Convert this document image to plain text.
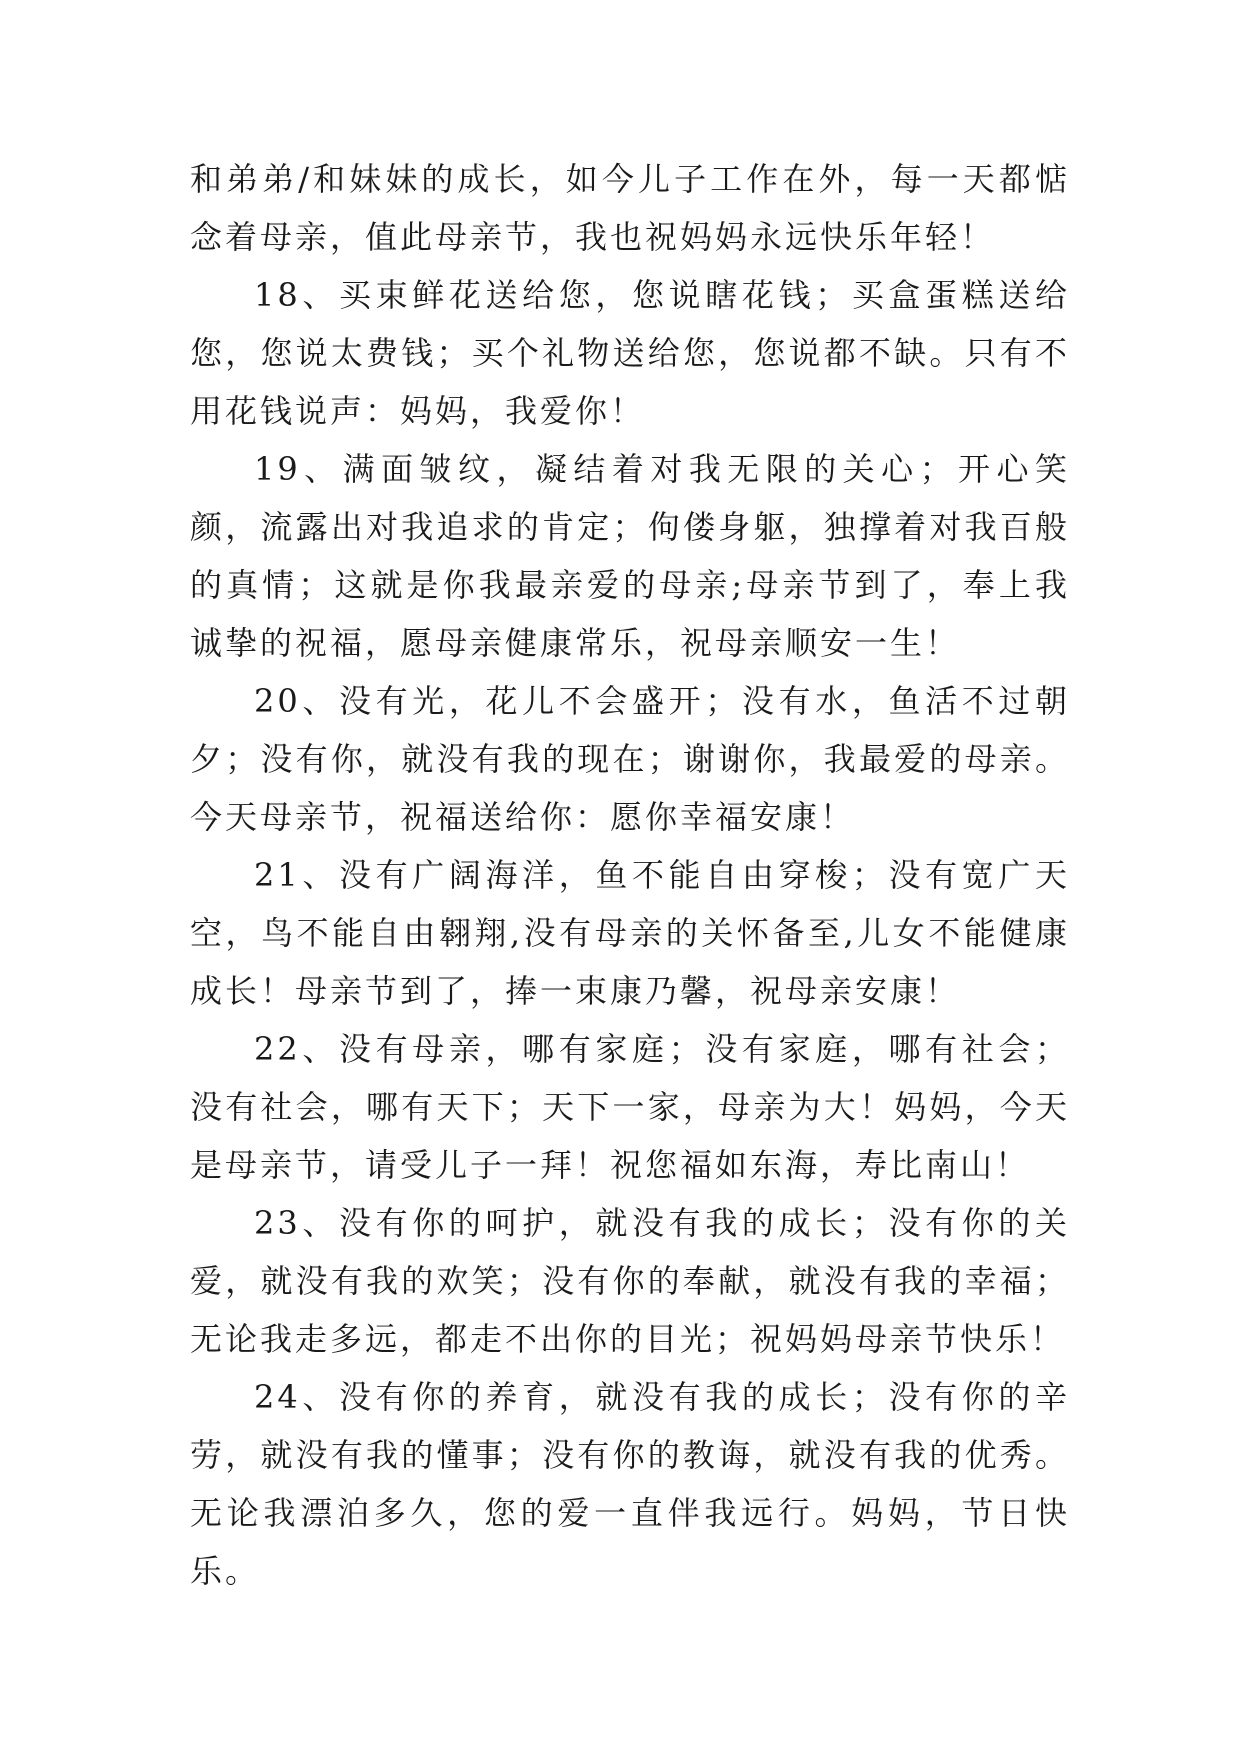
和弟弟/和妹妹的成长，如今儿子工作在外，每一天都惦念着母亲，值此母亲节，我也祝妈妈永远快乐年轻！

18、买束鲜花送给您，您说瞎花钱；买盒蛋糕送给您，您说太费钱；买个礼物送给您，您说都不缺。只有不用花钱说声：妈妈，我爱你！

19、满面皱纹，凝结着对我无限的关心；开心笑颜，流露出对我追求的肯定；佝偻身躯，独撑着对我百般的真情；这就是你我最亲爱的母亲;母亲节到了，奉上我诚挚的祝福，愿母亲健康常乐，祝母亲顺安一生！

20、没有光，花儿不会盛开；没有水，鱼活不过朝夕；没有你，就没有我的现在；谢谢你，我最爱的母亲。今天母亲节，祝福送给你：愿你幸福安康！

21、没有广阔海洋，鱼不能自由穿梭；没有宽广天空，鸟不能自由翱翔,没有母亲的关怀备至,儿女不能健康成长！母亲节到了，捧一束康乃馨，祝母亲安康！

22、没有母亲，哪有家庭；没有家庭，哪有社会；没有社会，哪有天下；天下一家，母亲为大！妈妈，今天是母亲节，请受儿子一拜！祝您福如东海，寿比南山！

23、没有你的呵护，就没有我的成长；没有你的关爱，就没有我的欢笑；没有你的奉献，就没有我的幸福；无论我走多远，都走不出你的目光；祝妈妈母亲节快乐！

24、没有你的养育，就没有我的成长；没有你的辛劳，就没有我的懂事；没有你的教诲，就没有我的优秀。无论我漂泊多久，您的爱一直伴我远行。妈妈，节日快乐。
